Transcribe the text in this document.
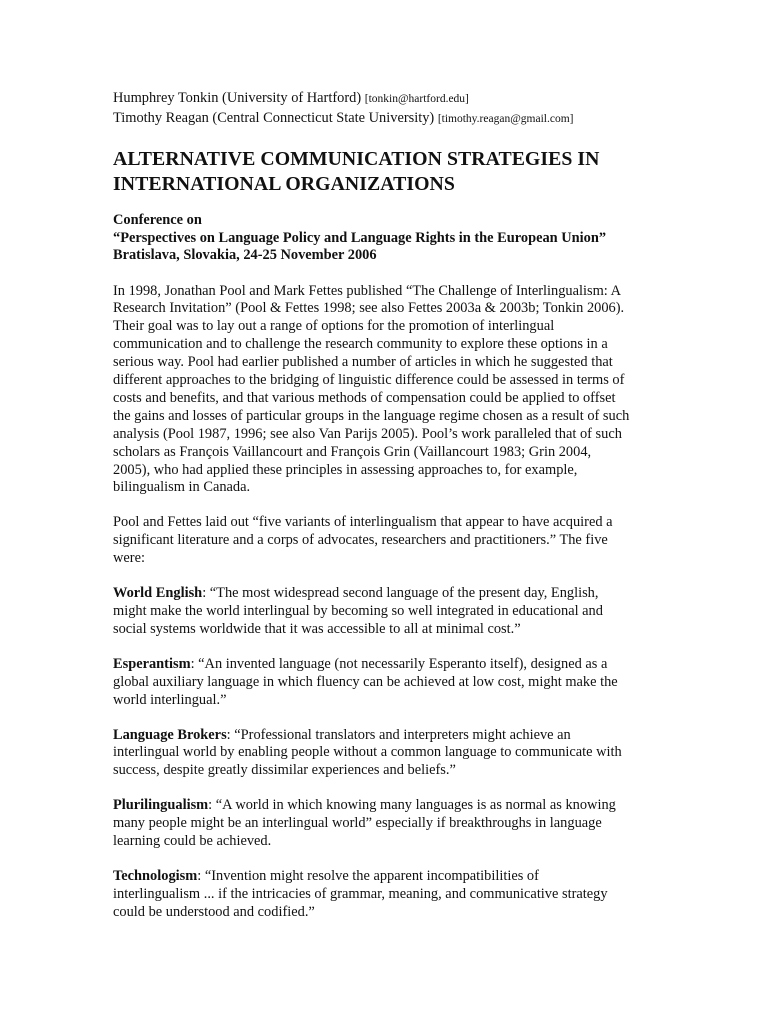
Humphrey Tonkin (University of Hartford) [tonkin@hartford.edu]
Timothy Reagan (Central Connecticut State University) [timothy.reagan@gmail.com]
ALTERNATIVE COMMUNICATION STRATEGIES IN
INTERNATIONAL ORGANIZATIONS
Conference on
“Perspectives on Language Policy and Language Rights in the European Union”
Bratislava, Slovakia, 24-25 November 2006

In 1998, Jonathan Pool and Mark Fettes published “The Challenge of Interlingualism: A
Research Invitation” (Pool & Fettes 1998; see also Fettes 2003a & 2003b; Tonkin 2006).
Their goal was to lay out a range of options for the promotion of interlingual
communication and to challenge the research community to explore these options in a
serious way. Pool had earlier published a number of articles in which he suggested that
different approaches to the bridging of linguistic difference could be assessed in terms of
costs and benefits, and that various methods of compensation could be applied to offset
the gains and losses of particular groups in the language regime chosen as a result of such
analysis (Pool 1987, 1996; see also Van Parijs 2005). Pool’s work paralleled that of such
scholars as François Vaillancourt and François Grin (Vaillancourt 1983; Grin 2004,
2005), who had applied these principles in assessing approaches to, for example,
bilingualism in Canada.

Pool and Fettes laid out “five variants of interlingualism that appear to have acquired a
significant literature and a corps of advocates, researchers and practitioners.” The five
were:

World English: “The most widespread second language of the present day, English,
might make the world interlingual by becoming so well integrated in educational and
social systems worldwide that it was accessible to all at minimal cost.”

Esperantism: “An invented language (not necessarily Esperanto itself), designed as a
global auxiliary language in which fluency can be achieved at low cost, might make the
world interlingual.”

Language Brokers: “Professional translators and interpreters might achieve an
interlingual world by enabling people without a common language to communicate with
success, despite greatly dissimilar experiences and beliefs.”

Plurilingualism: “A world in which knowing many languages is as normal as knowing
many people might be an interlingual world” especially if breakthroughs in language
learning could be achieved.

Technologism: “Invention might resolve the apparent incompatibilities of
interlingualism ... if the intricacies of grammar, meaning, and communicative strategy
could be understood and codified.”
